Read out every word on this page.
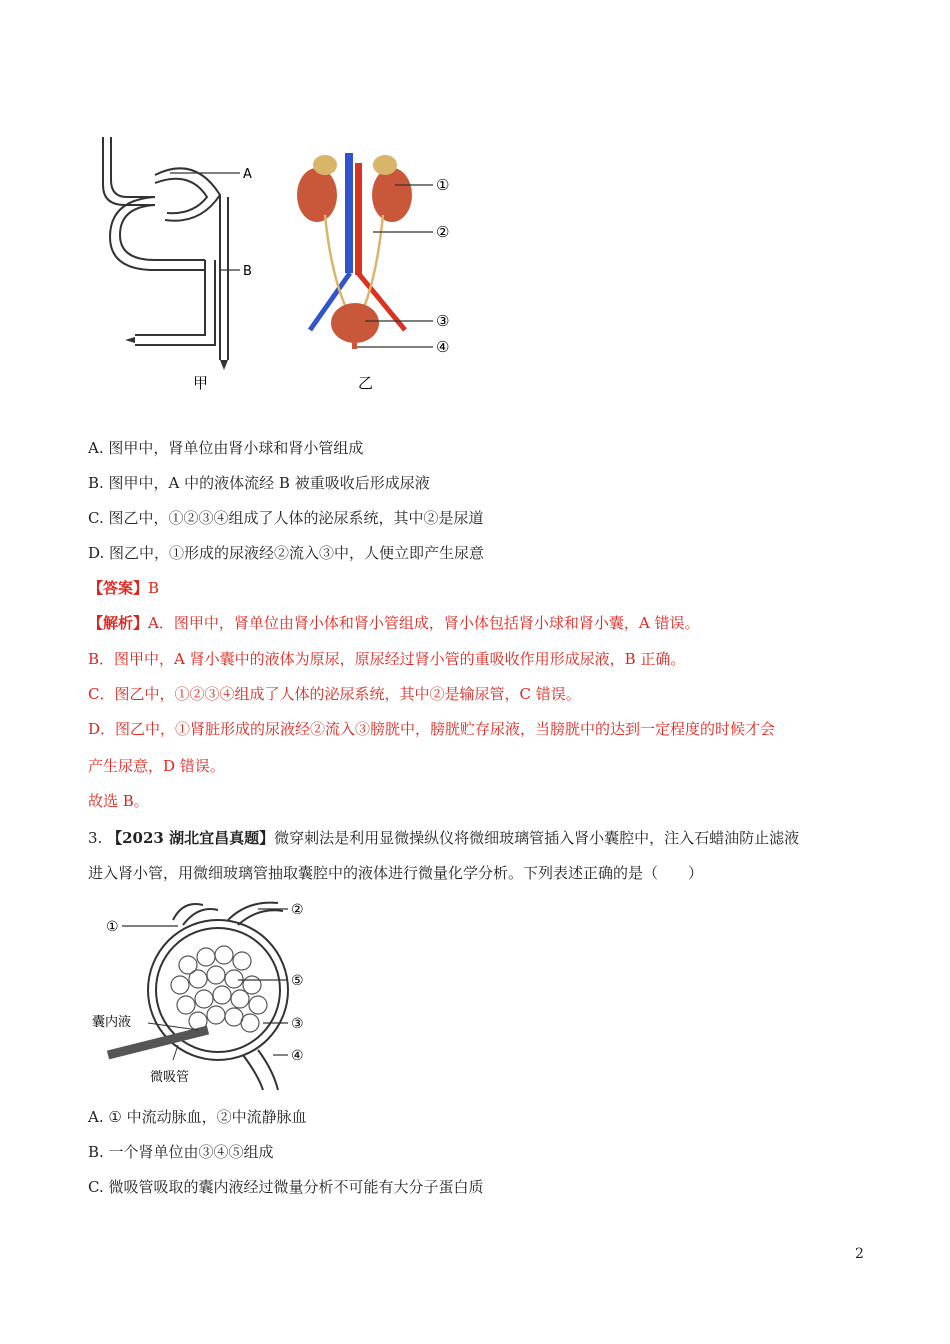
A
B
甲
①
②
③
④
乙
A. 图甲中，肾单位由肾小球和肾小管组成
B. 图甲中，A 中的液体流经 B 被重吸收后形成尿液
C. 图乙中，①②③④组成了人体的泌尿系统，其中②是尿道
D. 图乙中，①形成的尿液经②流入③中，人便立即产生尿意
【答案】B
【解析】A．图甲中，肾单位由肾小体和肾小管组成，肾小体包括肾小球和肾小囊，A 错误。
B．图甲中，A 肾小囊中的液体为原尿，原尿经过肾小管的重吸收作用形成尿液，B 正确。
C．图乙中，①②③④组成了人体的泌尿系统，其中②是输尿管，C 错误。
D．图乙中，①肾脏形成的尿液经②流入③膀胱中，膀胱贮存尿液，当膀胱中的达到一定程度的时候才会
产生尿意，D 错误。
故选 B。
3. 【2023 湖北宜昌真题】微穿刺法是利用显微操纵仪将微细玻璃管插入肾小囊腔中，注入石蜡油防止滤液
进入肾小管，用微细玻璃管抽取囊腔中的液体进行微量化学分析。下列表述正确的是（　　）
①
②
⑤
③
④
囊内液
微吸管
A. ① 中流动脉血，②中流静脉血
B. 一个肾单位由③④⑤组成
C. 微吸管吸取的囊内液经过微量分析不可能有大分子蛋白质
2
